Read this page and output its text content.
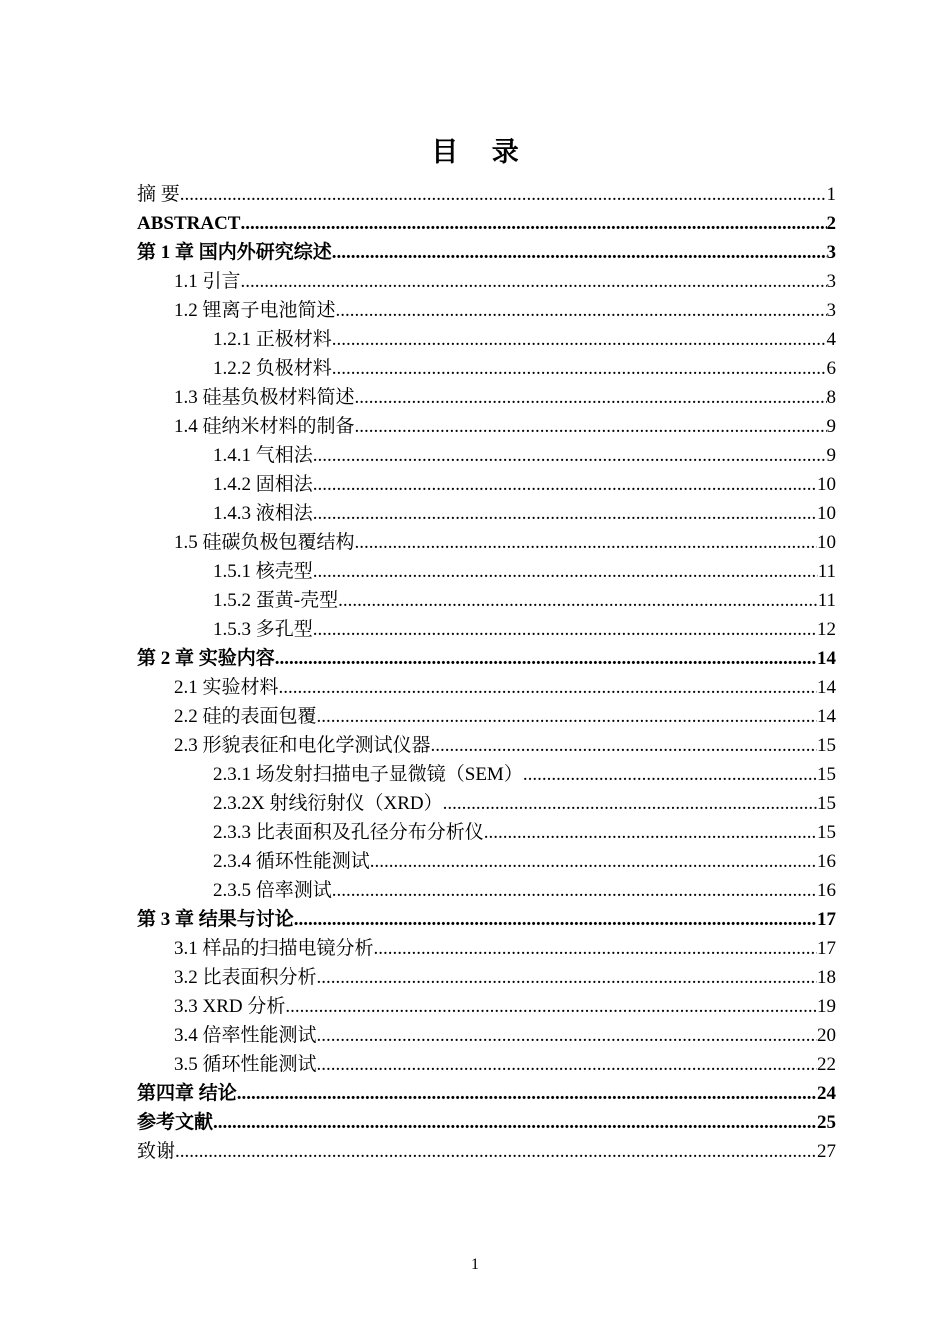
目 录
摘 要 .....	1
ABSTRACT .....	2
第 1 章 国内外研究综述 .....	3
1.1 引言 .....	3
1.2 锂离子电池简述 .....	3
1.2.1 正极材料 .....	4
1.2.2 负极材料 .....	6
1.3 硅基负极材料简述 .....	8
1.4 硅纳米材料的制备 .....	9
1.4.1 气相法 .....	9
1.4.2 固相法 .....	10
1.4.3 液相法 .....	10
1.5 硅碳负极包覆结构 .....	10
1.5.1 核壳型 .....	11
1.5.2 蛋黄-壳型 .....	11
1.5.3 多孔型 .....	12
第 2 章 实验内容 .....	14
2.1 实验材料 .....	14
2.2 硅的表面包覆 .....	14
2.3 形貌表征和电化学测试仪器 .....	15
2.3.1 场发射扫描电子显微镜（SEM） .....	15
2.3.2X 射线衍射仪（XRD） .....	15
2.3.3 比表面积及孔径分布分析仪 .....	15
2.3.4 循环性能测试 .....	16
2.3.5 倍率测试 .....	16
第 3 章 结果与讨论 .....	17
3.1 样品的扫描电镜分析 .....	17
3.2 比表面积分析 .....	18
3.3 XRD 分析 .....	19
3.4 倍率性能测试 .....	20
3.5 循环性能测试 .....	22
第四章 结论 .....	24
参考文献 .....	25
致谢 .....	27
1
